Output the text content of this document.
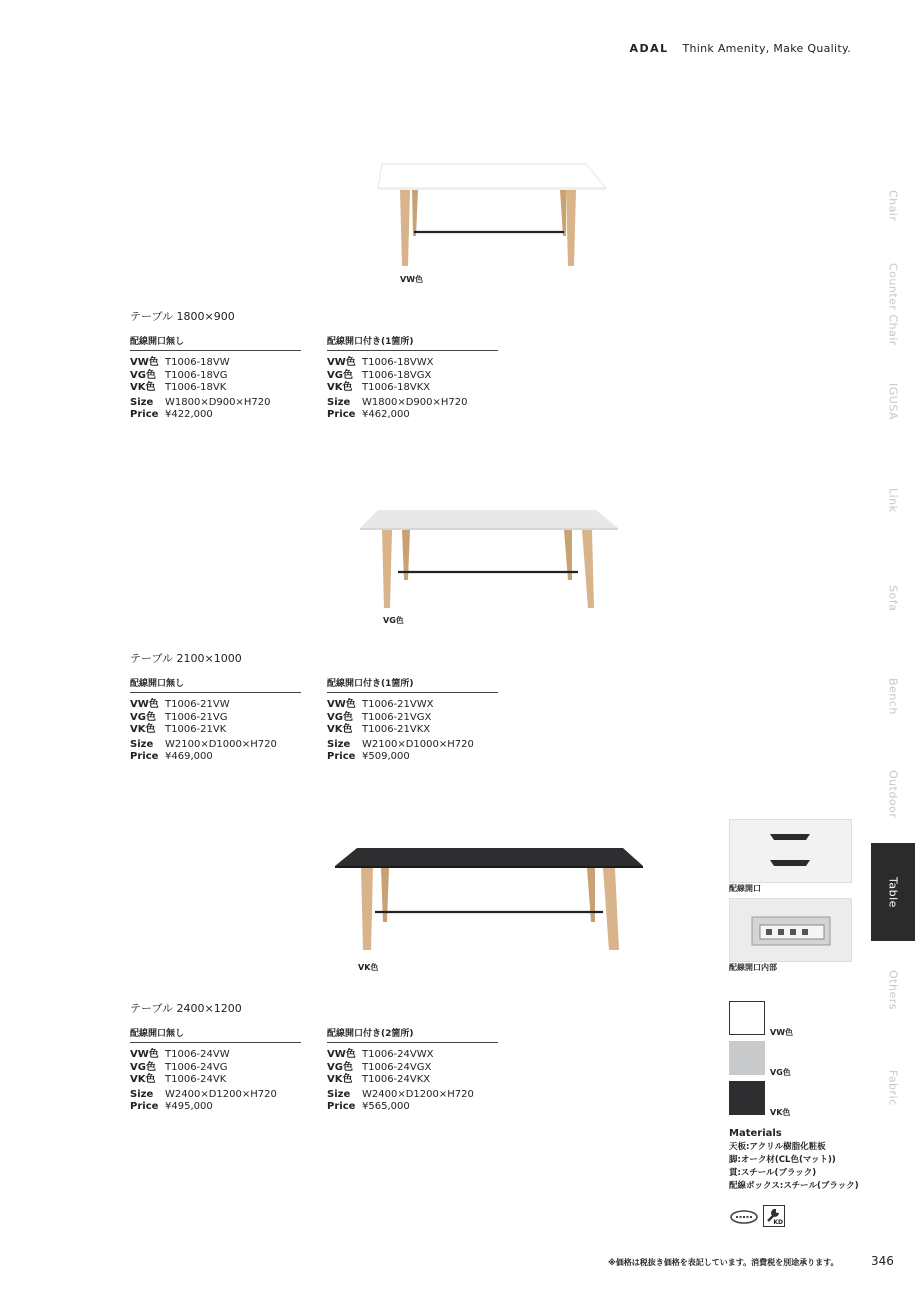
ADAL Think Amenity, Make Quality.
VW色
VG色
VK色
テーブル 1800×900
配線開口無し
VW色 T1006-18VW
VG色 T1006-18VG
VK色 T1006-18VK
Size W1800×D900×H720
Price ¥422,000
配線開口付き(1箇所)
VW色 T1006-18VWX
VG色 T1006-18VGX
VK色 T1006-18VKX
Size W1800×D900×H720
Price ¥462,000
テーブル 2100×1000
配線開口無し
VW色 T1006-21VW
VG色 T1006-21VG
VK色 T1006-21VK
Size W2100×D1000×H720
Price ¥469,000
配線開口付き(1箇所)
VW色 T1006-21VWX
VG色 T1006-21VGX
VK色 T1006-21VKX
Size W2100×D1000×H720
Price ¥509,000
テーブル 2400×1200
配線開口無し
VW色 T1006-24VW
VG色 T1006-24VG
VK色 T1006-24VK
Size W2400×D1200×H720
Price ¥495,000
配線開口付き(2箇所)
VW色 T1006-24VWX
VG色 T1006-24VGX
VK色 T1006-24VKX
Size W2400×D1200×H720
Price ¥565,000
Chair
Counter Chair
IGUSA
Link
Sofa
Bench
Outdoor
Table
Others
Fabric
配線開口
配線開口内部
VW色
VG色
VK色
Materials
天板:アクリル樹脂化粧板
脚:オーク材(CL色(マット))
貫:スチール(ブラック)
配線ボックス:スチール(ブラック)
KD
※価格は税抜き価格を表記しています。消費税を別途承ります。	346
